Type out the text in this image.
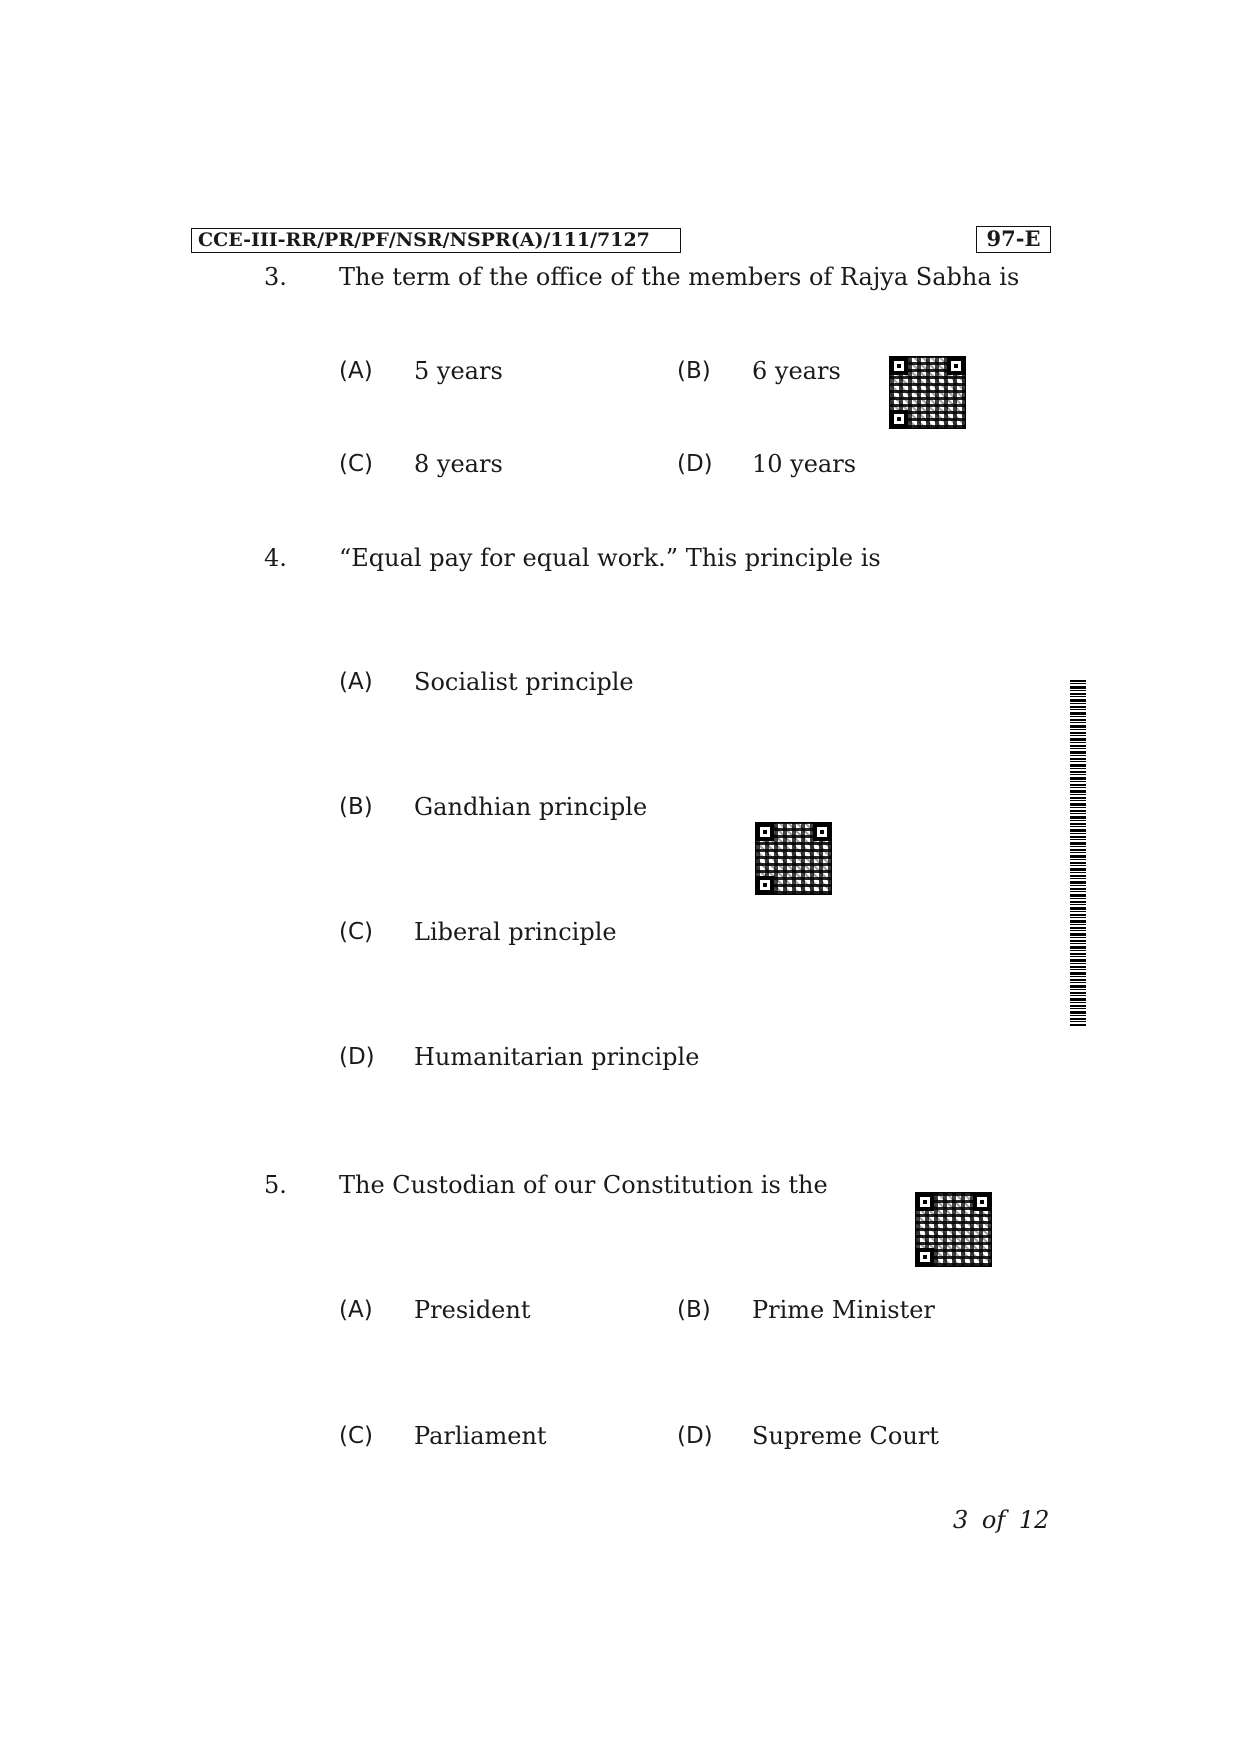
CCE-III-RR/PR/PF/NSR/NSPR(A)/111/7127	97-E
3. The term of the office of the members of Rajya Sabha is
(A) 5 years	(B) 6 years
(C) 8 years	(D) 10 years
4. “Equal pay for equal work.” This principle is
(A) Socialist principle
(B) Gandhian principle
(C) Liberal principle
(D) Humanitarian principle
5. The Custodian of our Constitution is the
(A) President	(B) Prime Minister
(C) Parliament	(D) Supreme Court
3 of 12
